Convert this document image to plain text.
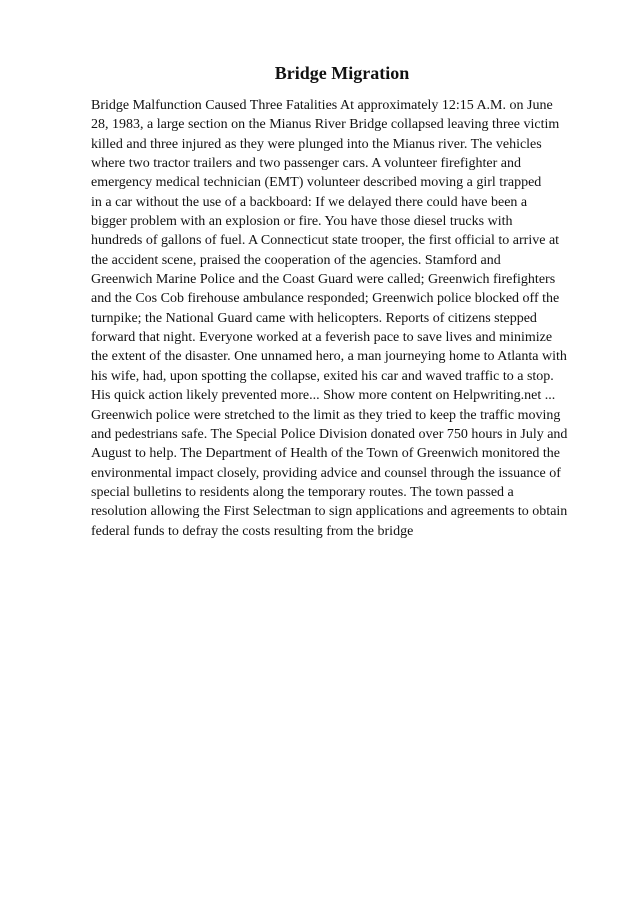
Bridge Migration
Bridge Malfunction Caused Three Fatalities At approximately 12:15 A.M. on June
28, 1983, a large section on the Mianus River Bridge collapsed leaving three victim
killed and three injured as they were plunged into the Mianus river. The vehicles
where two tractor trailers and two passenger cars. A volunteer firefighter and
emergency medical technician (EMT) volunteer described moving a girl trapped
in a car without the use of a backboard: If we delayed there could have been a
bigger problem with an explosion or fire. You have those diesel trucks with
hundreds of gallons of fuel. A Connecticut state trooper, the first official to arrive at
the accident scene, praised the cooperation of the agencies. Stamford and
Greenwich Marine Police and the Coast Guard were called; Greenwich firefighters
and the Cos Cob firehouse ambulance responded; Greenwich police blocked off the
turnpike; the National Guard came with helicopters. Reports of citizens stepped
forward that night. Everyone worked at a feverish pace to save lives and minimize
the extent of the disaster. One unnamed hero, a man journeying home to Atlanta with
his wife, had, upon spotting the collapse, exited his car and waved traffic to a stop.
His quick action likely prevented more... Show more content on Helpwriting.net ...
Greenwich police were stretched to the limit as they tried to keep the traffic moving
and pedestrians safe. The Special Police Division donated over 750 hours in July and
August to help. The Department of Health of the Town of Greenwich monitored the
environmental impact closely, providing advice and counsel through the issuance of
special bulletins to residents along the temporary routes. The town passed a
resolution allowing the First Selectman to sign applications and agreements to obtain
federal funds to defray the costs resulting from the bridge
